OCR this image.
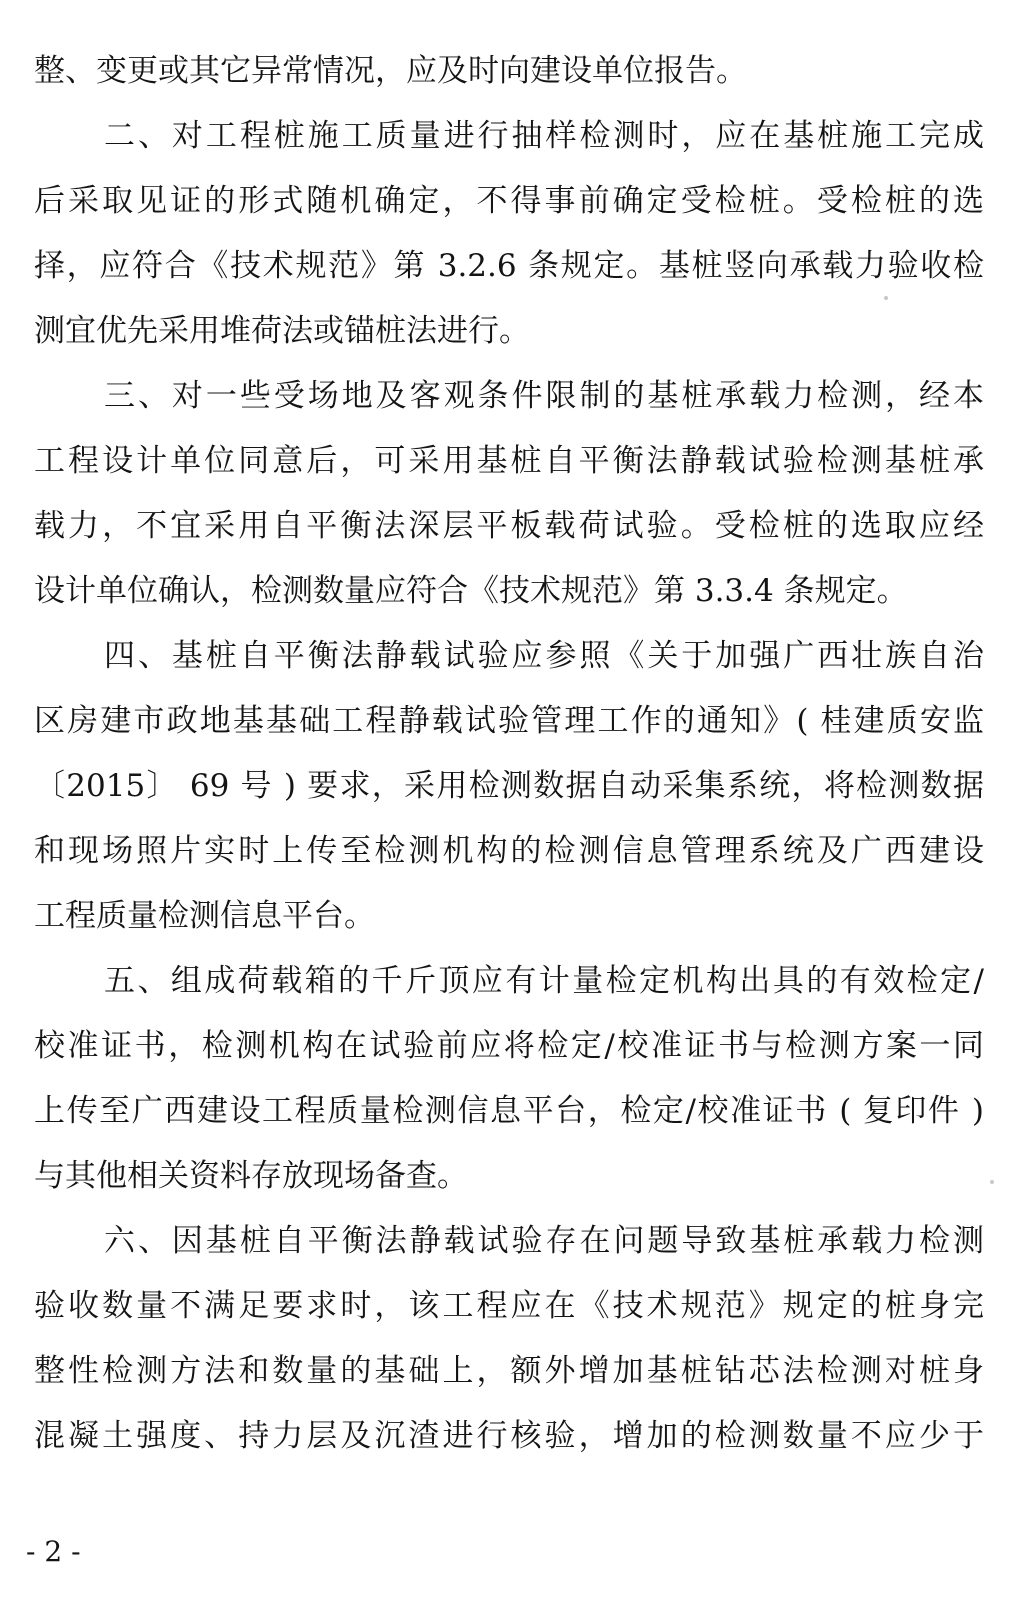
整、变更或其它异常情况，应及时向建设单位报告。
二、对工程桩施工质量进行抽样检测时，应在基桩施工完成
后采取见证的形式随机确定，不得事前确定受检桩。受检桩的选
择，应符合《技术规范》第 3.2.6 条规定。基桩竖向承载力验收检
测宜优先采用堆荷法或锚桩法进行。
三、对一些受场地及客观条件限制的基桩承载力检测，经本
工程设计单位同意后，可采用基桩自平衡法静载试验检测基桩承
载力，不宜采用自平衡法深层平板载荷试验。受检桩的选取应经
设计单位确认，检测数量应符合《技术规范》第 3.3.4 条规定。
四、基桩自平衡法静载试验应参照《关于加强广西壮族自治
区房建市政地基基础工程静载试验管理工作的通知》( 桂建质安监
〔2015〕 69 号 ) 要求，采用检测数据自动采集系统，将检测数据
和现场照片实时上传至检测机构的检测信息管理系统及广西建设
工程质量检测信息平台。
五、组成荷载箱的千斤顶应有计量检定机构出具的有效检定/
校准证书，检测机构在试验前应将检定/校准证书与检测方案一同
上传至广西建设工程质量检测信息平台，检定/校准证书 ( 复印件 )
与其他相关资料存放现场备查。
六、因基桩自平衡法静载试验存在问题导致基桩承载力检测
验收数量不满足要求时，该工程应在《技术规范》规定的桩身完
整性检测方法和数量的基础上，额外增加基桩钻芯法检测对桩身
混凝土强度、持力层及沉渣进行核验，增加的检测数量不应少于
- 2 -
